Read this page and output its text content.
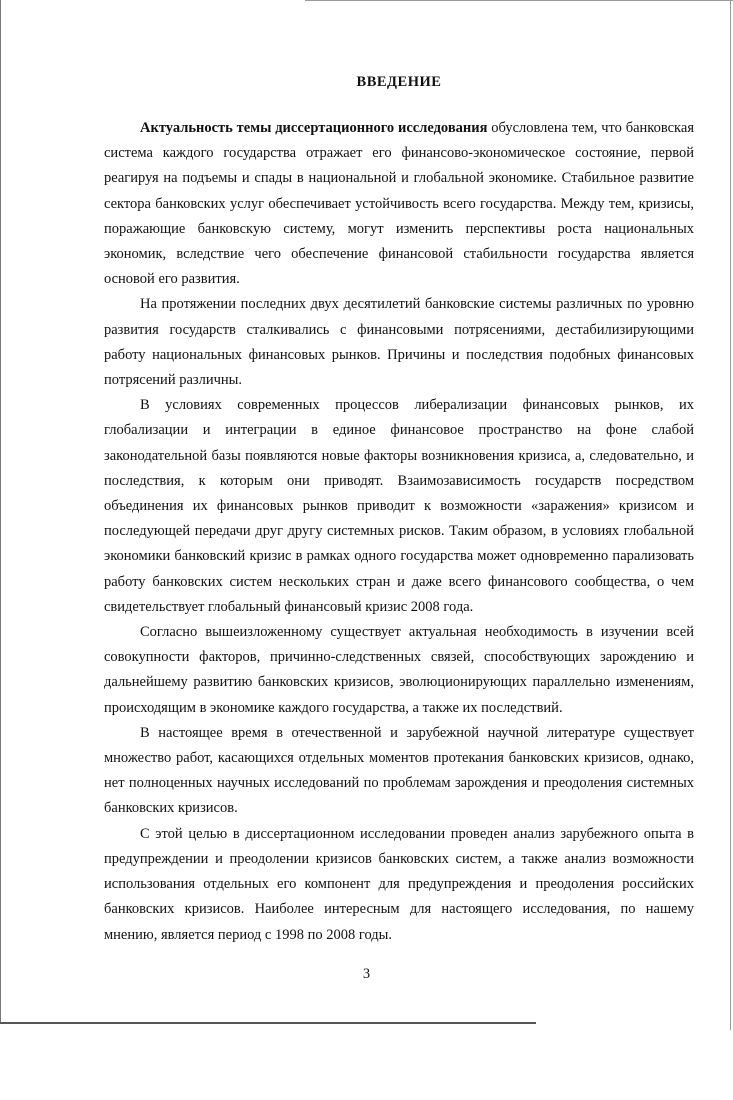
ВВЕДЕНИЕ

Актуальность темы диссертационного исследования обусловлена тем, что банковская система каждого государства отражает его финансово-экономическое состояние, первой реагируя на подъемы и спады в национальной и глобальной экономике. Стабильное развитие сектора банковских услуг обеспечивает устойчивость всего государства. Между тем, кризисы, поражающие банковскую систему, могут изменить перспективы роста национальных экономик, вследствие чего обеспечение финансовой стабильности государства является основой его развития.

На протяжении последних двух десятилетий банковские системы различных по уровню развития государств сталкивались с финансовыми потрясениями, дестабилизирующими работу национальных финансовых рынков. Причины и последствия подобных финансовых потрясений различны.

В условиях современных процессов либерализации финансовых рынков, их глобализации и интеграции в единое финансовое пространство на фоне слабой законодательной базы появляются новые факторы возникновения кризиса, а, следовательно, и последствия, к которым они приводят. Взаимозависимость государств посредством объединения их финансовых рынков приводит к возможности «заражения» кризисом и последующей передачи друг другу системных рисков. Таким образом, в условиях глобальной экономики банковский кризис в рамках одного государства может одновременно парализовать работу банковских систем нескольких стран и даже всего финансового сообщества, о чем свидетельствует глобальный финансовый кризис 2008 года.

Согласно вышеизложенному существует актуальная необходимость в изучении всей совокупности факторов, причинно-следственных связей, способствующих зарождению и дальнейшему развитию банковских кризисов, эволюционирующих параллельно изменениям, происходящим в экономике каждого государства, а также их последствий.

В настоящее время в отечественной и зарубежной научной литературе существует множество работ, касающихся отдельных моментов протекания банковских кризисов, однако, нет полноценных научных исследований по проблемам зарождения и преодоления системных банковских кризисов.

С этой целью в диссертационном исследовании проведен анализ зарубежного опыта в предупреждении и преодолении кризисов банковских систем, а также анализ возможности использования отдельных его компонент для предупреждения и преодоления российских банковских кризисов. Наиболее интересным для настоящего исследования, по нашему мнению, является период с 1998 по 2008 годы.

3
